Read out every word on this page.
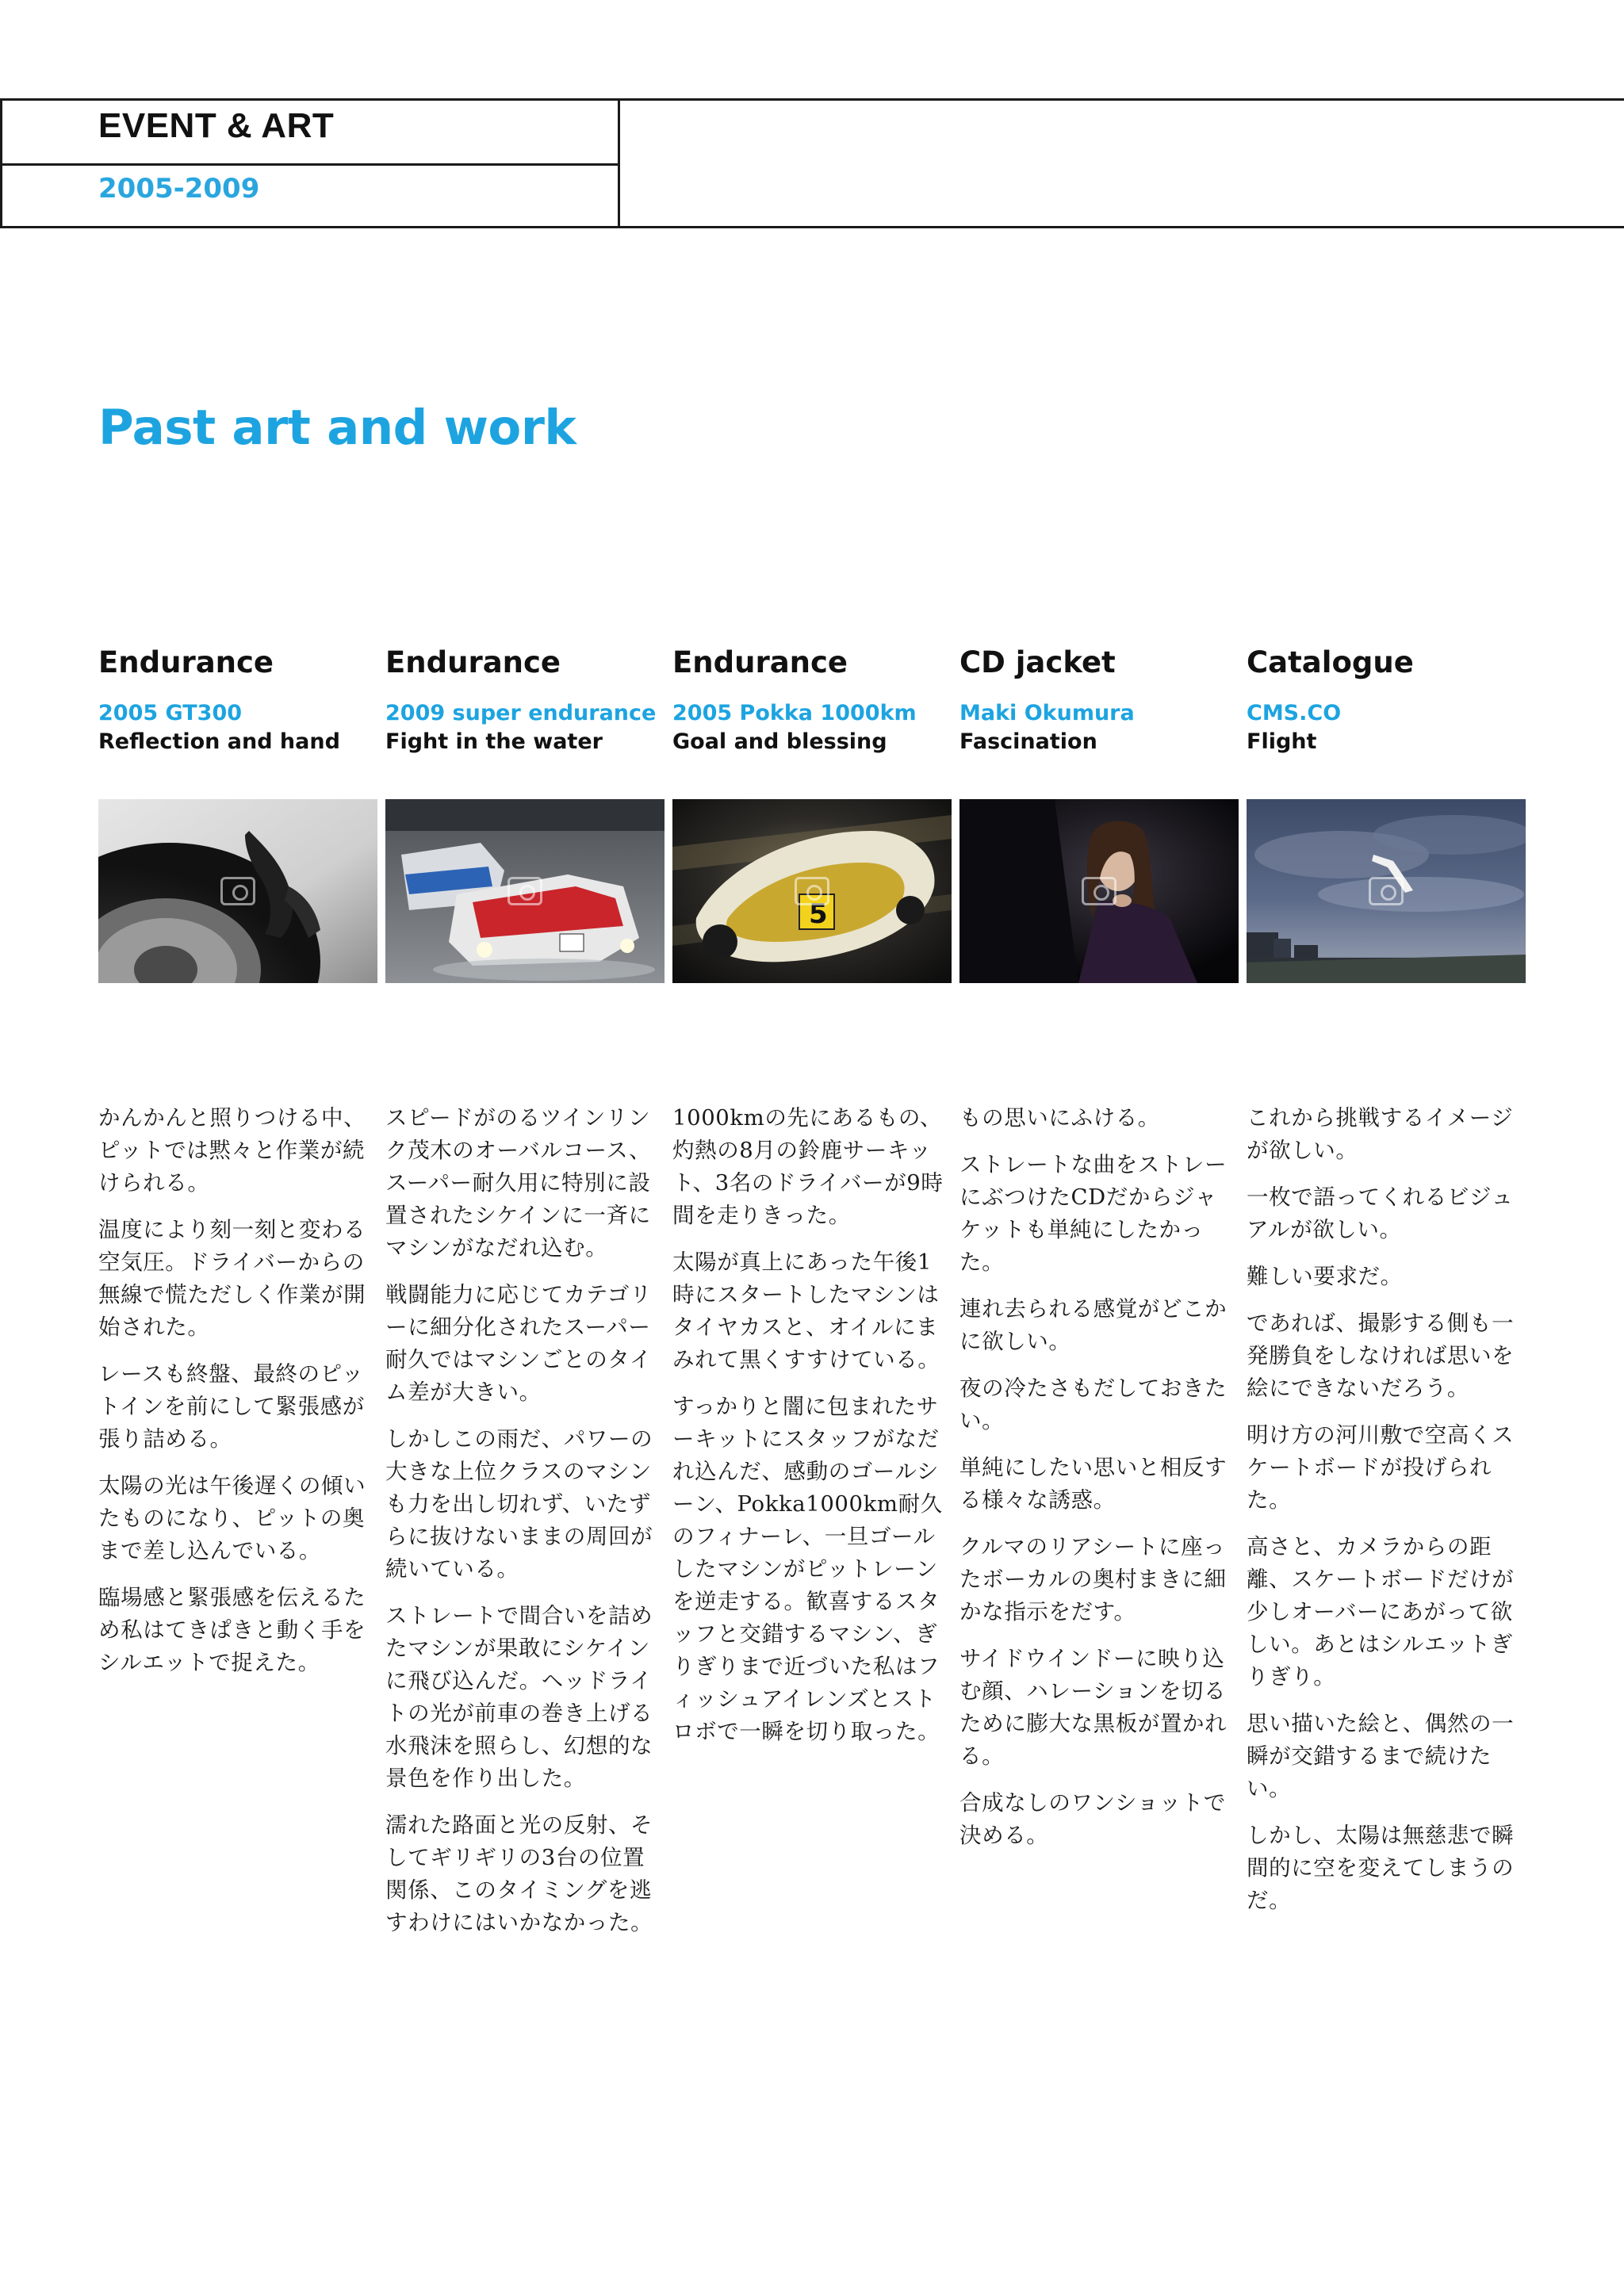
EVENT & ART
2005-2009
Past art and work
Endurance
2005 GT300
Reflection and hand

かんかんと照りつける中、ピットでは黙々と作業が続けられる。

温度により刻一刻と変わる空気圧。ドライバーからの無線で慌ただしく作業が開始された。

レースも終盤、最終のピットインを前にして緊張感が張り詰める。

太陽の光は午後遅くの傾いたものになり、ピットの奥まで差し込んでいる。

臨場感と緊張感を伝えるため私はてきぱきと動く手をシルエットで捉えた。

Endurance
2009 super endurance
Fight in the water

スピードがのるツインリンク茂木のオーバルコース、スーパー耐久用に特別に設置されたシケインに一斉にマシンがなだれ込む。

戦闘能力に応じてカテゴリーに細分化されたスーパー耐久ではマシンごとのタイム差が大きい。

しかしこの雨だ、パワーの大きな上位クラスのマシンも力を出し切れず、いたずらに抜けないままの周回が続いている。

ストレートで間合いを詰めたマシンが果敢にシケインに飛び込んだ。ヘッドライトの光が前車の巻き上げる水飛沫を照らし、幻想的な景色を作り出した。

濡れた路面と光の反射、そしてギリギリの3台の位置関係、このタイミングを逃すわけにはいかなかった。

Endurance
2005 Pokka 1000km
Goal and blessing
5

1000kmの先にあるもの、灼熱の8月の鈴鹿サーキット、3名のドライバーが9時間を走りきった。

太陽が真上にあった午後1時にスタートしたマシンはタイヤカスと、オイルにまみれて黒くすすけている。

すっかりと闇に包まれたサーキットにスタッフがなだれ込んだ、感動のゴールシーン、Pokka1000km耐久のフィナーレ、一旦ゴールしたマシンがピットレーンを逆走する。歓喜するスタッフと交錯するマシン、ぎりぎりまで近づいた私はフィッシュアイレンズとストロボで一瞬を切り取った。

CD jacket
Maki Okumura
Fascination

もの思いにふける。

ストレートな曲をストレーにぶつけたCDだからジャケットも単純にしたかった。

連れ去られる感覚がどこかに欲しい。

夜の冷たさもだしておきたい。

単純にしたい思いと相反する様々な誘惑。

クルマのリアシートに座ったボーカルの奥村まきに細かな指示をだす。

サイドウインドーに映り込む顔、ハレーションを切るために膨大な黒板が置かれる。

合成なしのワンショットで決める。

Catalogue
CMS.CO
Flight

これから挑戦するイメージが欲しい。

一枚で語ってくれるビジュアルが欲しい。

難しい要求だ。

であれば、撮影する側も一発勝負をしなければ思いを絵にできないだろう。

明け方の河川敷で空高くスケートボードが投げられた。

高さと、カメラからの距離、スケートボードだけが少しオーバーにあがって欲しい。あとはシルエットぎりぎり。

思い描いた絵と、偶然の一瞬が交錯するまで続けたい。

しかし、太陽は無慈悲で瞬間的に空を変えてしまうのだ。
